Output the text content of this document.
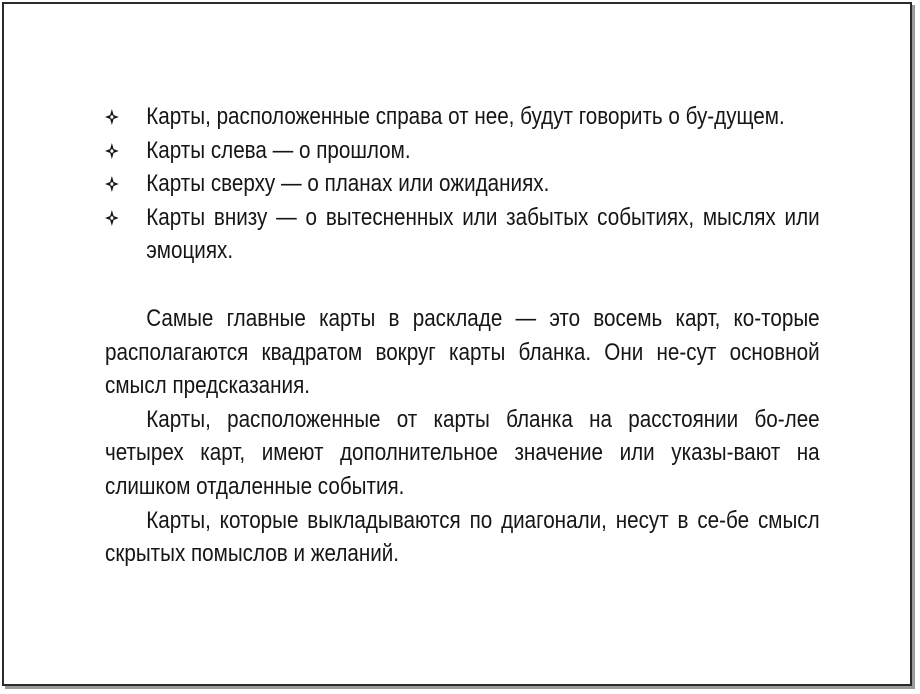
Карты, расположенные справа от нее, будут говорить о бу-дущем.
Карты слева — о прошлом.
Карты сверху — о планах или ожиданиях.
Карты внизу — о вытесненных или забытых событиях, мыслях или эмоциях.

Самые главные карты в раскладе — это восемь карт, ко-торые располагаются квадратом вокруг карты бланка. Они не-сут основной смысл предсказания.

Карты, расположенные от карты бланка на расстоянии бо-лее четырех карт, имеют дополнительное значение или указы-вают на слишком отдаленные события.

Карты, которые выкладываются по диагонали, несут в се-бе смысл скрытых помыслов и желаний.
